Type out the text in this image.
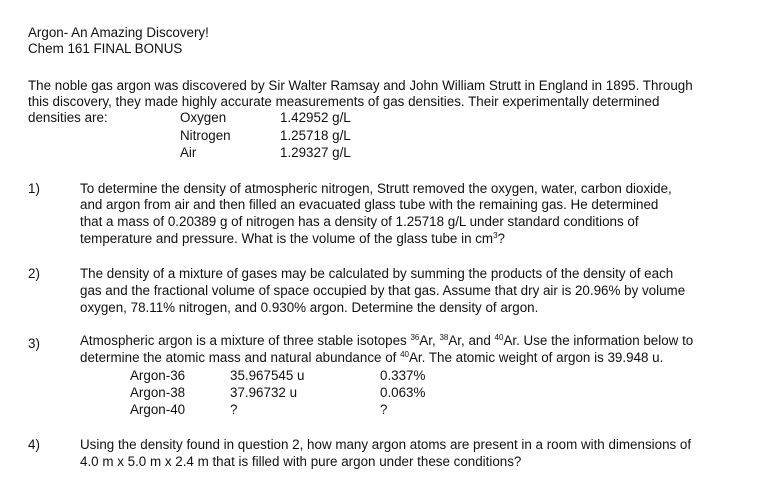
Argon- An Amazing Discovery!
Chem 161 FINAL BONUS
The noble gas argon was discovered by Sir Walter Ramsay and John William Strutt in England in 1895. Through
this discovery, they made highly accurate measurements of gas densities. Their experimentally determined
densities are:	Oxygen	1.42952 g/L
Nitrogen	1.25718 g/L
Air	1.29327 g/L
1)	To determine the density of atmospheric nitrogen, Strutt removed the oxygen, water, carbon dioxide,
and argon from air and then filled an evacuated glass tube with the remaining gas. He determined
that a mass of 0.20389 g of nitrogen has a density of 1.25718 g/L under standard conditions of
temperature and pressure. What is the volume of the glass tube in $cm^3$?
2)	The density of a mixture of gases may be calculated by summing the products of the density of each
gas and the fractional volume of space occupied by that gas. Assume that dry air is 20.96% by volume
oxygen, 78.11% nitrogen, and 0.930% argon. Determine the density of argon.
3)	Atmospheric argon is a mixture of three stable isotopes $^{36}$Ar, $^{38}$Ar, and $^{40}$Ar. Use the information below to
determine the atomic mass and natural abundance of $^{40}$Ar. The atomic weight of argon is 39.948 u.
Argon-36	35.967545 u	0.337%
Argon-38	37.96732 u	0.063%
Argon-40	?	?
4)	Using the density found in question 2, how many argon atoms are present in a room with dimensions of
4.0 m x 5.0 m x 2.4 m that is filled with pure argon under these conditions?
